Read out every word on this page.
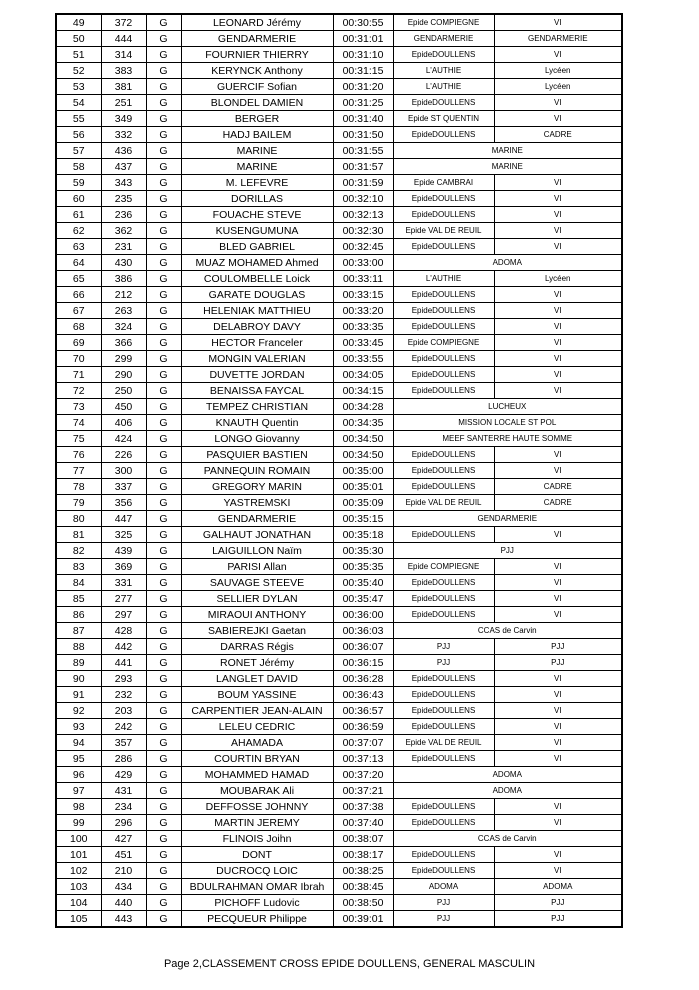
49	372	G	LEONARD Jérémy	00:30:55	Epide COMPIEGNE	VI
50	444	G	GENDARMERIE	00:31:01	GENDARMERIE	GENDARMERIE
51	314	G	FOURNIER THIERRY	00:31:10	EpideDOULLENS	VI
52	383	G	KERYNCK Anthony	00:31:15	L'AUTHIE	Lycéen
53	381	G	GUERCIF Sofian	00:31:20	L'AUTHIE	Lycéen
54	251	G	BLONDEL DAMIEN	00:31:25	EpideDOULLENS	VI
55	349	G	BERGER	00:31:40	Epide ST QUENTIN	VI
56	332	G	HADJ BAILEM	00:31:50	EpideDOULLENS	CADRE
57	436	G	MARINE	00:31:55	MARINE	
58	437	G	MARINE	00:31:57	MARINE	
59	343	G	M. LEFEVRE	00:31:59	Epide CAMBRAI	VI
60	235	G	DORILLAS	00:32:10	EpideDOULLENS	VI
61	236	G	FOUACHE STEVE	00:32:13	EpideDOULLENS	VI
62	362	G	KUSENGUMUNA	00:32:30	Epide VAL DE REUIL	VI
63	231	G	BLED GABRIEL	00:32:45	EpideDOULLENS	VI
64	430	G	MUAZ MOHAMED Ahmed	00:33:00	ADOMA	
65	386	G	COULOMBELLE Loick	00:33:11	L'AUTHIE	Lycéen
66	212	G	GARATE DOUGLAS	00:33:15	EpideDOULLENS	VI
67	263	G	HELENIAK MATTHIEU	00:33:20	EpideDOULLENS	VI
68	324	G	DELABROY DAVY	00:33:35	EpideDOULLENS	VI
69	366	G	HECTOR Franceler	00:33:45	Epide COMPIEGNE	VI
70	299	G	MONGIN VALERIAN	00:33:55	EpideDOULLENS	VI
71	290	G	DUVETTE JORDAN	00:34:05	EpideDOULLENS	VI
72	250	G	BENAISSA FAYCAL	00:34:15	EpideDOULLENS	VI
73	450	G	TEMPEZ CHRISTIAN	00:34:28	LUCHEUX	
74	406	G	KNAUTH Quentin	00:34:35	MISSION LOCALE ST POL	
75	424	G	LONGO Giovanny	00:34:50	MEEF SANTERRE HAUTE SOMME	
76	226	G	PASQUIER BASTIEN	00:34:50	EpideDOULLENS	VI
77	300	G	PANNEQUIN ROMAIN	00:35:00	EpideDOULLENS	VI
78	337	G	GREGORY MARIN	00:35:01	EpideDOULLENS	CADRE
79	356	G	YASTREMSKI	00:35:09	Epide VAL DE REUIL	CADRE
80	447	G	GENDARMERIE	00:35:15	GENDARMERIE	
81	325	G	GALHAUT JONATHAN	00:35:18	EpideDOULLENS	VI
82	439	G	LAIGUILLON Naïm	00:35:30	PJJ	
83	369	G	PARISI Allan	00:35:35	Epide COMPIEGNE	VI
84	331	G	SAUVAGE STEEVE	00:35:40	EpideDOULLENS	VI
85	277	G	SELLIER DYLAN	00:35:47	EpideDOULLENS	VI
86	297	G	MIRAOUI ANTHONY	00:36:00	EpideDOULLENS	VI
87	428	G	SABIEREJKI Gaetan	00:36:03	CCAS de Carvin	
88	442	G	DARRAS Régis	00:36:07	PJJ	PJJ
89	441	G	RONET Jérémy	00:36:15	PJJ	PJJ
90	293	G	LANGLET DAVID	00:36:28	EpideDOULLENS	VI
91	232	G	BOUM YASSINE	00:36:43	EpideDOULLENS	VI
92	203	G	CARPENTIER JEAN-ALAIN	00:36:57	EpideDOULLENS	VI
93	242	G	LELEU CEDRIC	00:36:59	EpideDOULLENS	VI
94	357	G	AHAMADA	00:37:07	Epide VAL DE REUIL	VI
95	286	G	COURTIN BRYAN	00:37:13	EpideDOULLENS	VI
96	429	G	MOHAMMED HAMAD	00:37:20	ADOMA	
97	431	G	MOUBARAK Ali	00:37:21	ADOMA	
98	234	G	DEFFOSSE JOHNNY	00:37:38	EpideDOULLENS	VI
99	296	G	MARTIN JEREMY	00:37:40	EpideDOULLENS	VI
100	427	G	FLINOIS Joihn	00:38:07	CCAS de Carvin	
101	451	G	DONT	00:38:17	EpideDOULLENS	VI
102	210	G	DUCROCQ LOIC	00:38:25	EpideDOULLENS	VI
103	434	G	BDULRAHMAN OMAR Ibrah	00:38:45	ADOMA	ADOMA
104	440	G	PICHOFF Ludovic	00:38:50	PJJ	PJJ
105	443	G	PECQUEUR Philippe	00:39:01	PJJ	PJJ
Page 2,CLASSEMENT CROSS EPIDE DOULLENS, GENERAL MASCULIN
